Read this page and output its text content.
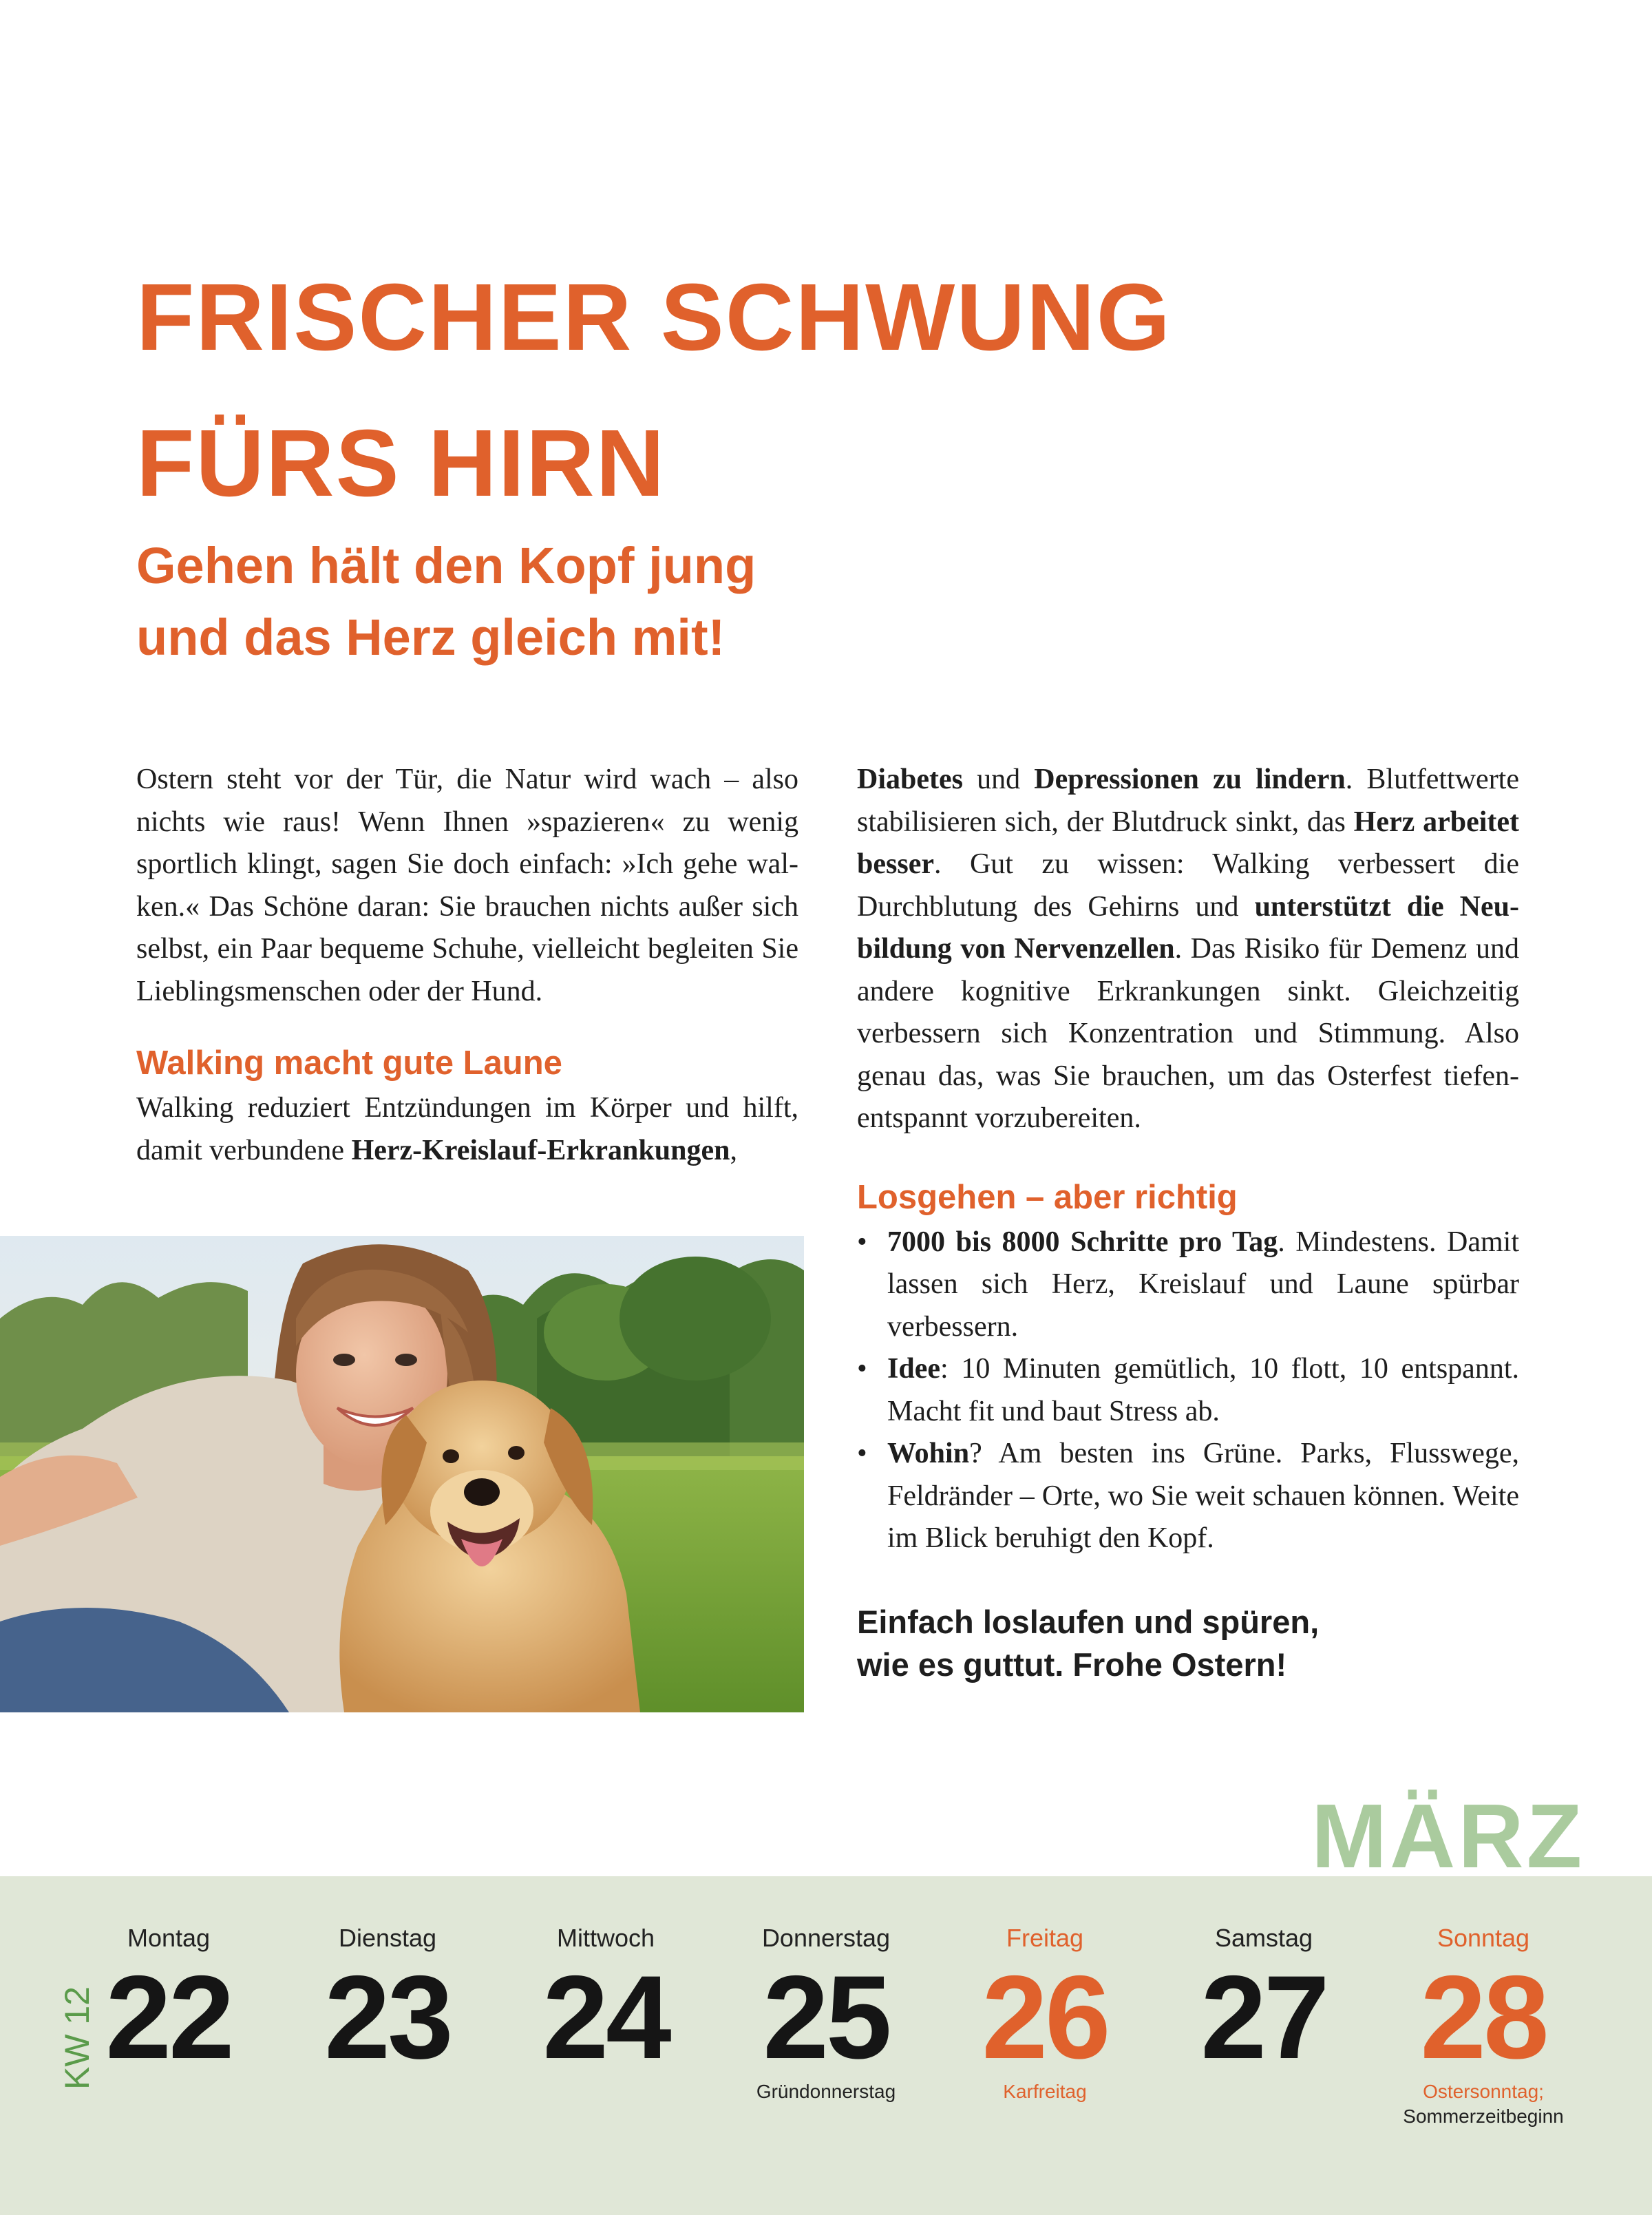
FRISCHER SCHWUNG
FÜRS HIRN
Gehen hält den Kopf jung
und das Herz gleich mit!

Ostern steht vor der Tür, die Natur wird wach – also nichts wie raus! Wenn Ihnen »spazieren« zu wenig sportlich klingt, sagen Sie doch einfach: »Ich gehe walken.« Das Schöne daran: Sie brauchen nichts außer sich selbst, ein Paar bequeme Schuhe, vielleicht begleiten Sie Lieblingsmenschen oder der Hund.

Walking macht gute Laune

Walking reduziert Entzündungen im Körper und hilft, damit verbundene Herz-Kreislauf-Erkrankungen,

Diabetes und Depressionen zu lindern. Blutfettwerte stabilisieren sich, der Blutdruck sinkt, das Herz arbeitet besser. Gut zu wissen: Walking verbessert die Durchblutung des Gehirns und unterstützt die Neubildung von Nervenzellen. Das Risiko für Demenz und andere kognitive Erkrankungen sinkt. Gleichzeitig verbessern sich Konzentration und Stimmung. Also genau das, was Sie brauchen, um das Osterfest tiefenentspannt vorzubereiten.

Losgehen – aber richtig
• 7000 bis 8000 Schritte pro Tag. Mindestens. Damit lassen sich Herz, Kreislauf und Laune spürbar verbessern.
• Idee: 10 Minuten gemütlich, 10 flott, 10 entspannt. Macht fit und baut Stress ab.
• Wohin? Am besten ins Grüne. Parks, Flusswege, Feldränder – Orte, wo Sie weit schauen können. Weite im Blick beruhigt den Kopf.
Einfach loslaufen und spüren,
wie es guttut. Frohe Ostern!
MÄRZ
KW 12
Montag
22
Dienstag
23
Mittwoch
24
Donnerstag
25
Gründonnerstag
Freitag
26
Karfreitag
Samstag
27
Sonntag
28
Ostersonntag;
Sommerzeitbeginn
